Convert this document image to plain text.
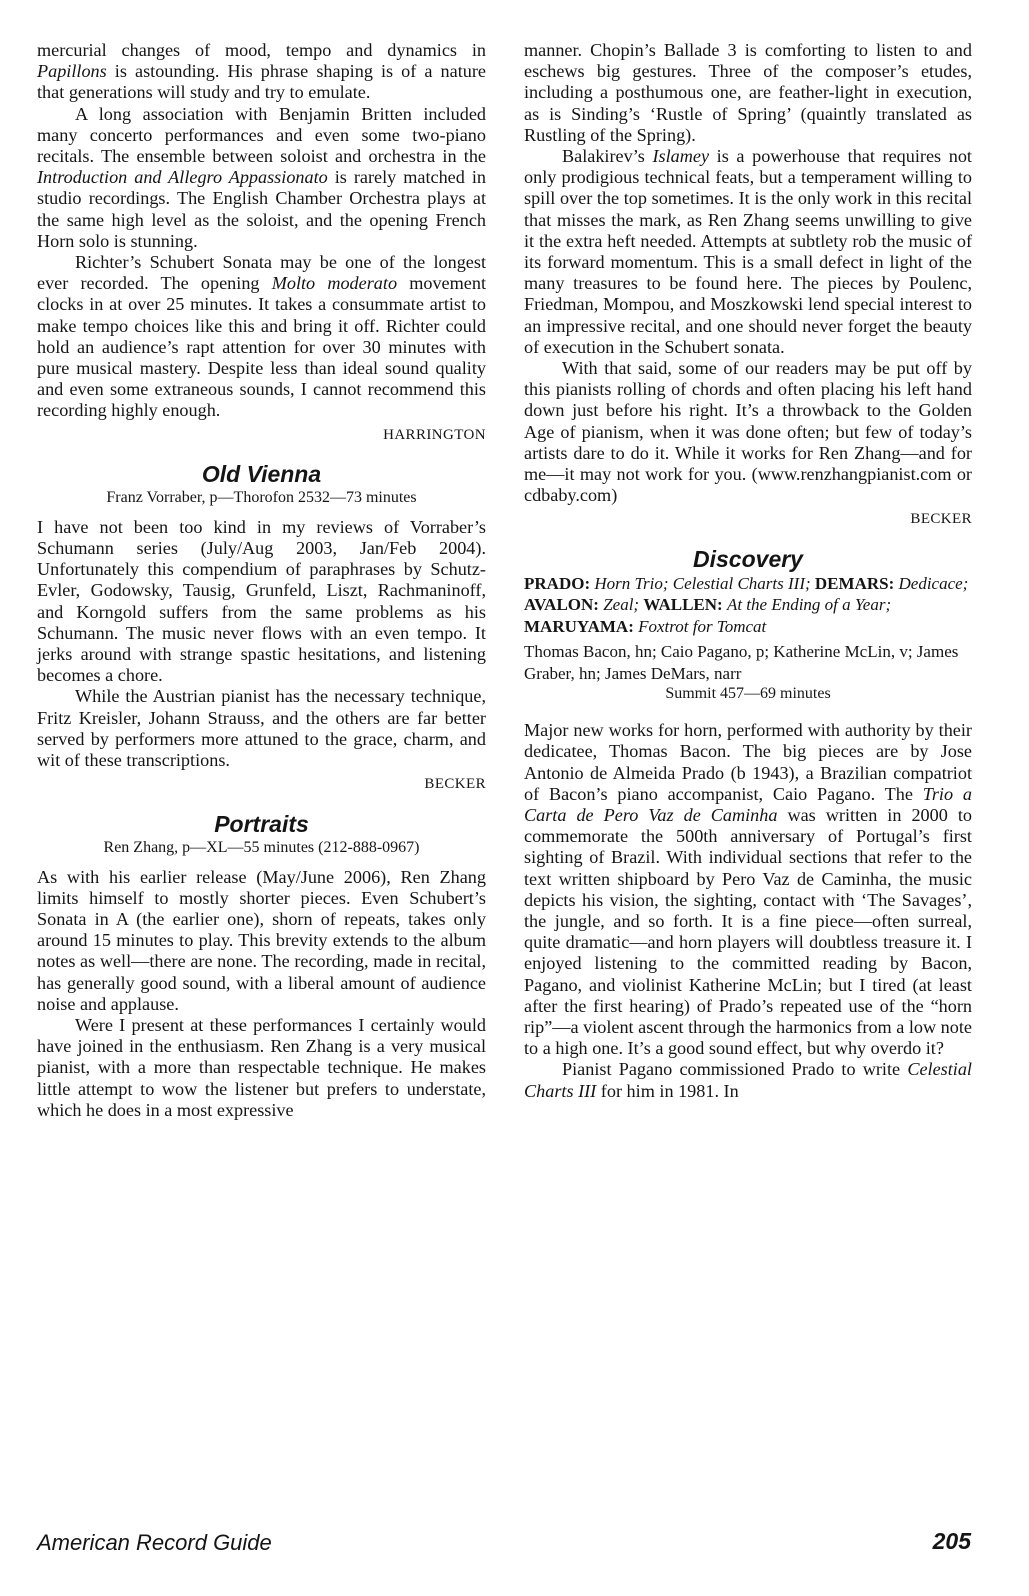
mercurial changes of mood, tempo and dynamics in Papillons is astounding. His phrase shaping is of a nature that generations will study and try to emulate.

A long association with Benjamin Britten included many concerto performances and even some two-piano recitals. The ensemble between soloist and orchestra in the Introduction and Allegro Appassionato is rarely matched in studio recordings. The English Chamber Orchestra plays at the same high level as the soloist, and the opening French Horn solo is stunning.

Richter’s Schubert Sonata may be one of the longest ever recorded. The opening Molto moderato movement clocks in at over 25 minutes. It takes a consummate artist to make tempo choices like this and bring it off. Richter could hold an audience’s rapt attention for over 30 minutes with pure musical mastery. Despite less than ideal sound quality and even some extraneous sounds, I cannot recommend this recording highly enough.

HARRINGTON
Old Vienna
Franz Vorraber, p—Thorofon 2532—73 minutes

I have not been too kind in my reviews of Vorraber’s Schumann series (July/Aug 2003, Jan/Feb 2004). Unfortunately this compendium of paraphrases by Schutz-Evler, Godowsky, Tausig, Grunfeld, Liszt, Rachmaninoff, and Korngold suffers from the same problems as his Schumann. The music never flows with an even tempo. It jerks around with strange spastic hesitations, and listening becomes a chore.

While the Austrian pianist has the necessary technique, Fritz Kreisler, Johann Strauss, and the others are far better served by performers more attuned to the grace, charm, and wit of these transcriptions.

BECKER
Portraits
Ren Zhang, p—XL—55 minutes (212-888-0967)

As with his earlier release (May/June 2006), Ren Zhang limits himself to mostly shorter pieces. Even Schubert’s Sonata in A (the earlier one), shorn of repeats, takes only around 15 minutes to play. This brevity extends to the album notes as well—there are none. The recording, made in recital, has generally good sound, with a liberal amount of audience noise and applause.

Were I present at these performances I certainly would have joined in the enthusiasm. Ren Zhang is a very musical pianist, with a more than respectable technique. He makes little attempt to wow the listener but prefers to understate, which he does in a most expressive

manner. Chopin’s Ballade 3 is comforting to listen to and eschews big gestures. Three of the composer’s etudes, including a posthumous one, are feather-light in execution, as is Sinding’s ‘Rustle of Spring’ (quaintly translated as Rustling of the Spring).

Balakirev’s Islamey is a powerhouse that requires not only prodigious technical feats, but a temperament willing to spill over the top sometimes. It is the only work in this recital that misses the mark, as Ren Zhang seems unwilling to give it the extra heft needed. Attempts at subtlety rob the music of its forward momentum. This is a small defect in light of the many treasures to be found here. The pieces by Poulenc, Friedman, Mompou, and Moszkowski lend special interest to an impressive recital, and one should never forget the beauty of execution in the Schubert sonata.

With that said, some of our readers may be put off by this pianists rolling of chords and often placing his left hand down just before his right. It’s a throwback to the Golden Age of pianism, when it was done often; but few of today’s artists dare to do it. While it works for Ren Zhang—and for me—it may not work for you. (www.renzhangpianist.com or cdbaby.com)

BECKER
Discovery
PRADO: Horn Trio; Celestial Charts III; DEMARS: Dedicace; AVALON: Zeal; WALLEN: At the Ending of a Year; MARUYAMA: Foxtrot for Tomcat
Thomas Bacon, hn; Caio Pagano, p; Katherine McLin, v; James Graber, hn; James DeMars, narr
Summit 457—69 minutes

Major new works for horn, performed with authority by their dedicatee, Thomas Bacon. The big pieces are by Jose Antonio de Almeida Prado (b 1943), a Brazilian compatriot of Bacon’s piano accompanist, Caio Pagano. The Trio a Carta de Pero Vaz de Caminha was written in 2000 to commemorate the 500th anniversary of Portugal’s first sighting of Brazil. With individual sections that refer to the text written shipboard by Pero Vaz de Caminha, the music depicts his vision, the sighting, contact with ‘The Savages’, the jungle, and so forth. It is a fine piece—often surreal, quite dramatic—and horn players will doubtless treasure it. I enjoyed listening to the committed reading by Bacon, Pagano, and violinist Katherine McLin; but I tired (at least after the first hearing) of Prado’s repeated use of the “horn rip”—a violent ascent through the harmonics from a low note to a high one. It’s a good sound effect, but why overdo it?

Pianist Pagano commissioned Prado to write Celestial Charts III for him in 1981. In

American Record Guide	205
